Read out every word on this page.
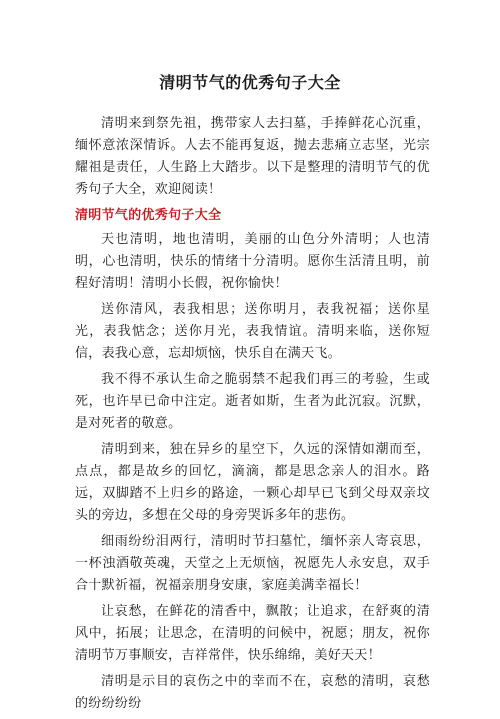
清明节气的优秀句子大全

清明来到祭先祖，携带家人去扫墓，手捧鲜花心沉重，缅怀意浓深情诉。人去不能再复返，抛去悲痛立志坚，光宗耀祖是责任，人生路上大踏步。以下是整理的清明节气的优秀句子大全，欢迎阅读！

清明节气的优秀句子大全

天也清明，地也清明，美丽的山色分外清明；人也清明，心也清明，快乐的情绪十分清明。愿你生活清且明，前程好清明！清明小长假，祝你愉快！

送你清风，表我相思；送你明月，表我祝福；送你星光，表我惦念；送你月光，表我情谊。清明来临，送你短信，表我心意，忘却烦恼，快乐自在满天飞。

我不得不承认生命之脆弱禁不起我们再三的考验，生或死，也许早已命中注定。逝者如斯，生者为此沉寂。沉默，是对死者的敬意。

清明到来，独在异乡的星空下，久远的深情如潮而至，点点，都是故乡的回忆，滴滴，都是思念亲人的泪水。路远，双脚踏不上归乡的路途，一颗心却早已飞到父母双亲坟头的旁边，多想在父母的身旁哭诉多年的悲伤。

细雨纷纷泪两行，清明时节扫墓忙，缅怀亲人寄哀思，一杯浊酒敬英魂，天堂之上无烦恼，祝愿先人永安息，双手合十默祈福，祝福亲朋身安康，家庭美满幸福长！

让哀愁，在鲜花的清香中，飘散；让追求，在舒爽的清风中，拓展；让思念，在清明的问候中，祝愿；朋友，祝你清明节万事顺安，吉祥常伴，快乐绵绵，美好天天！

清明是示目的哀伤之中的幸而不在，哀愁的清明，哀愁的纷纷纷纷
